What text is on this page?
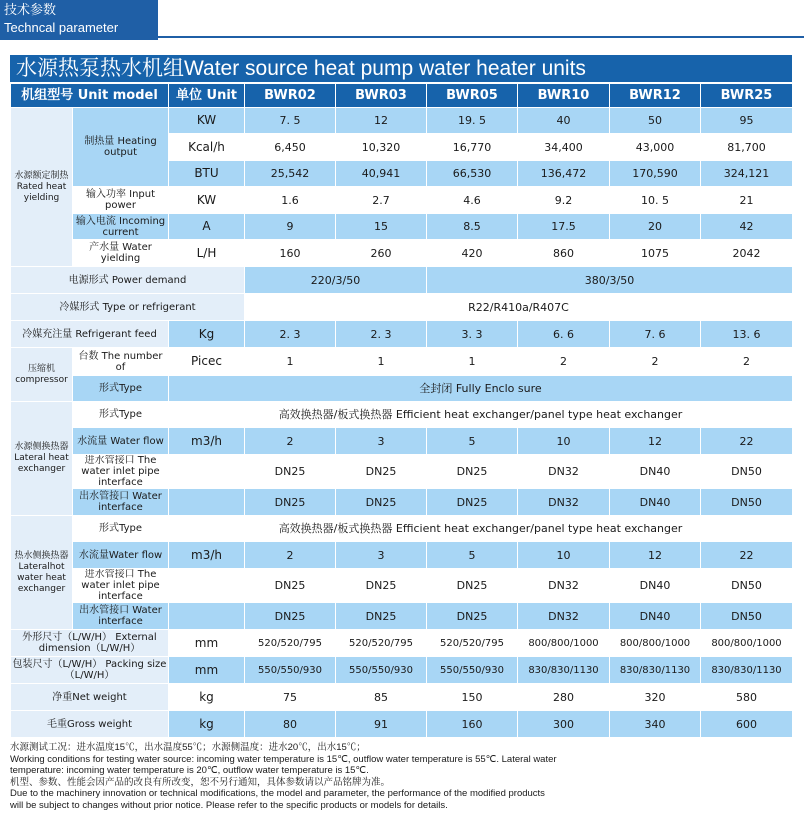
技术参数
Techncal parameter
水源热泵热水机组Water source heat pump water heater units
机组型号 Unit model		单位 Unit	BWR02	BWR03	BWR05	BWR10	BWR12	BWR25
水源额定制热 Rated heat yielding	制热量 Heating output	KW	7. 5	12	19. 5	40	50	95
		Kcal/h	6,450	10,320	16,770	34,400	43,000	81,700
		BTU	25,542	40,941	66,530	136,472	170,590	324,121
	输入功率 Input power	KW	1.6	2.7	4.6	9.2	10. 5	21
	输入电流 Incoming current	A	9	15	8.5	17.5	20	42
	产水量 Water yielding	L/H	160	260	420	860	1075	2042
电源形式 Power demand			220/3/50		380/3/50			
冷媒形式 Type or refrigerant			R22/R410a/R407C					
冷媒充注量 Refrigerant feed		Kg	2. 3	2. 3	3. 3	6. 6	7. 6	13. 6
压缩机 compressor	台数 The number of	Picec	1	1	1	2	2	2
	形式Type	全封闭 Fully Enclo sure						
水源侧换热器 Lateral heat exchanger	形式Type	高效换热器/板式换热器 Efficient heat exchanger/panel type heat exchanger						
	水流量 Water flow	m3/h	2	3	5	10	12	22
	进水管接口 The water inlet pipe interface		DN25	DN25	DN25	DN32	DN40	DN50
	出水管接口 Water interface		DN25	DN25	DN25	DN32	DN40	DN50
热水侧换热器 Lateralhot water heat exchanger	形式Type	高效换热器/板式换热器 Efficient heat exchanger/panel type heat exchanger						
	水流量Water flow	m3/h	2	3	5	10	12	22
	进水管接口 The water inlet pipe interface		DN25	DN25	DN25	DN32	DN40	DN50
	出水管接口 Water interface		DN25	DN25	DN25	DN32	DN40	DN50
外形尺寸（L/W/H） External dimension（L/W/H）		mm	520/520/795	520/520/795	520/520/795	800/800/1000	800/800/1000	800/800/1000
包装尺寸（L/W/H） Packing size（L/W/H）		mm	550/550/930	550/550/930	550/550/930	830/830/1130	830/830/1130	830/830/1130
净重Net weight		kg	75	85	150	280	320	580
毛重Gross weight		kg	80	91	160	300	340	600
水源测试工况：进水温度15℃，出水温度55℃；水源侧温度：进水20℃，出水15℃；
Working conditions for testing water source: incoming water temperature is 15℃, outflow water temperature is 55℃. Lateral water
temperature: incoming water temperature is 20℃, outflow water temperature is 15℃.
机型、参数、性能会因产品的改良有所改变，恕不另行通知，具体参数请以产品铭牌为准。
Due to the machinery innovation or technical modifications, the model and parameter, the performance of the modified products
will be subject to changes without prior notice. Please refer to the specific products or models for details.
